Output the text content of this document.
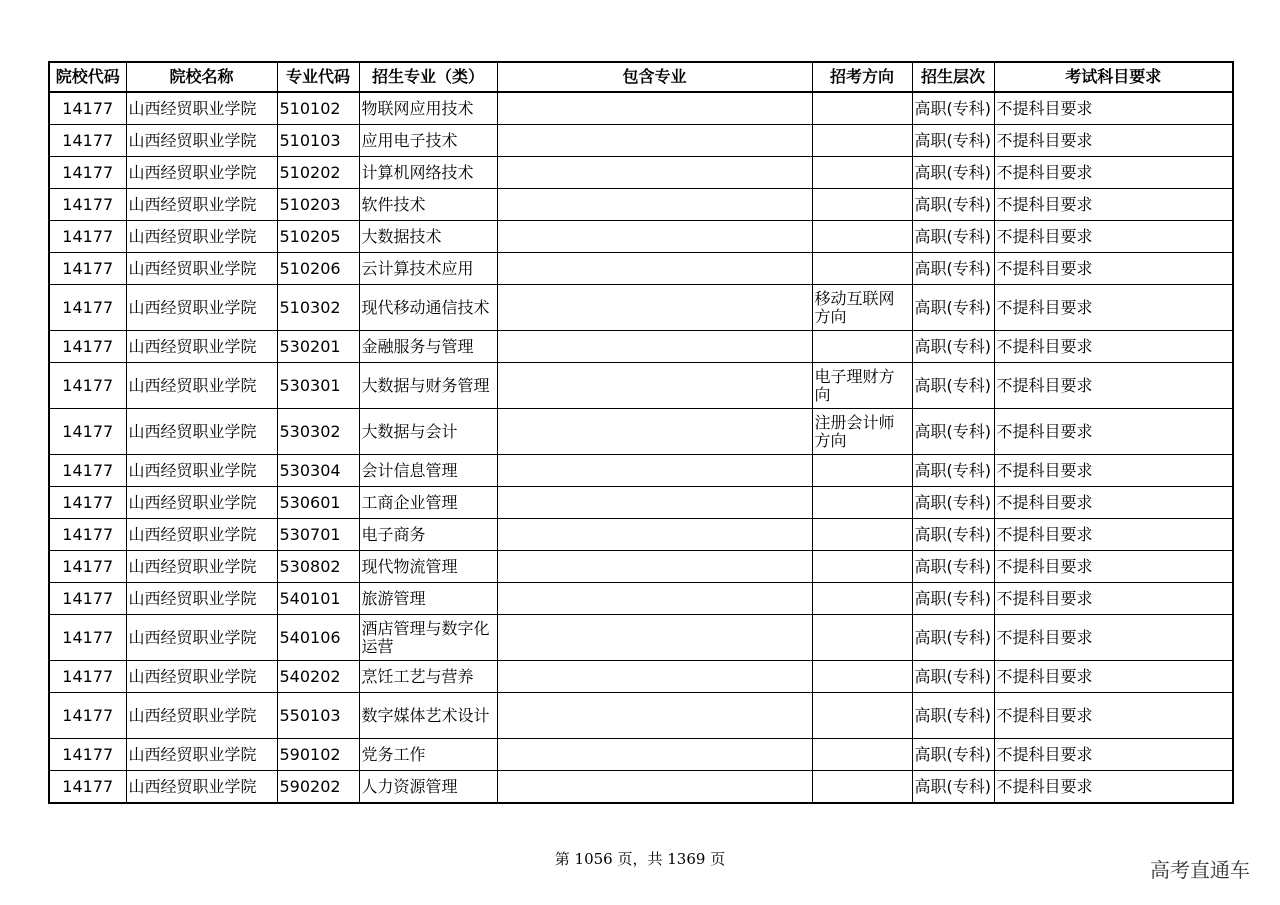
院校代码	院校名称	专业代码	招生专业（类）	包含专业	招考方向	招生层次	考试科目要求
14177	山西经贸职业学院	510102	物联网应用技术			高职(专科)	不提科目要求
14177	山西经贸职业学院	510103	应用电子技术			高职(专科)	不提科目要求
14177	山西经贸职业学院	510202	计算机网络技术			高职(专科)	不提科目要求
14177	山西经贸职业学院	510203	软件技术			高职(专科)	不提科目要求
14177	山西经贸职业学院	510205	大数据技术			高职(专科)	不提科目要求
14177	山西经贸职业学院	510206	云计算技术应用			高职(专科)	不提科目要求
14177	山西经贸职业学院	510302	现代移动通信技术		移动互联网方向	高职(专科)	不提科目要求
14177	山西经贸职业学院	530201	金融服务与管理			高职(专科)	不提科目要求
14177	山西经贸职业学院	530301	大数据与财务管理		电子理财方向	高职(专科)	不提科目要求
14177	山西经贸职业学院	530302	大数据与会计		注册会计师方向	高职(专科)	不提科目要求
14177	山西经贸职业学院	530304	会计信息管理			高职(专科)	不提科目要求
14177	山西经贸职业学院	530601	工商企业管理			高职(专科)	不提科目要求
14177	山西经贸职业学院	530701	电子商务			高职(专科)	不提科目要求
14177	山西经贸职业学院	530802	现代物流管理			高职(专科)	不提科目要求
14177	山西经贸职业学院	540101	旅游管理			高职(专科)	不提科目要求
14177	山西经贸职业学院	540106	酒店管理与数字化运营			高职(专科)	不提科目要求
14177	山西经贸职业学院	540202	烹饪工艺与营养			高职(专科)	不提科目要求
14177	山西经贸职业学院	550103	数字媒体艺术设计			高职(专科)	不提科目要求
14177	山西经贸职业学院	590102	党务工作			高职(专科)	不提科目要求
14177	山西经贸职业学院	590202	人力资源管理			高职(专科)	不提科目要求
第 1056 页，共 1369 页	高考直通车
